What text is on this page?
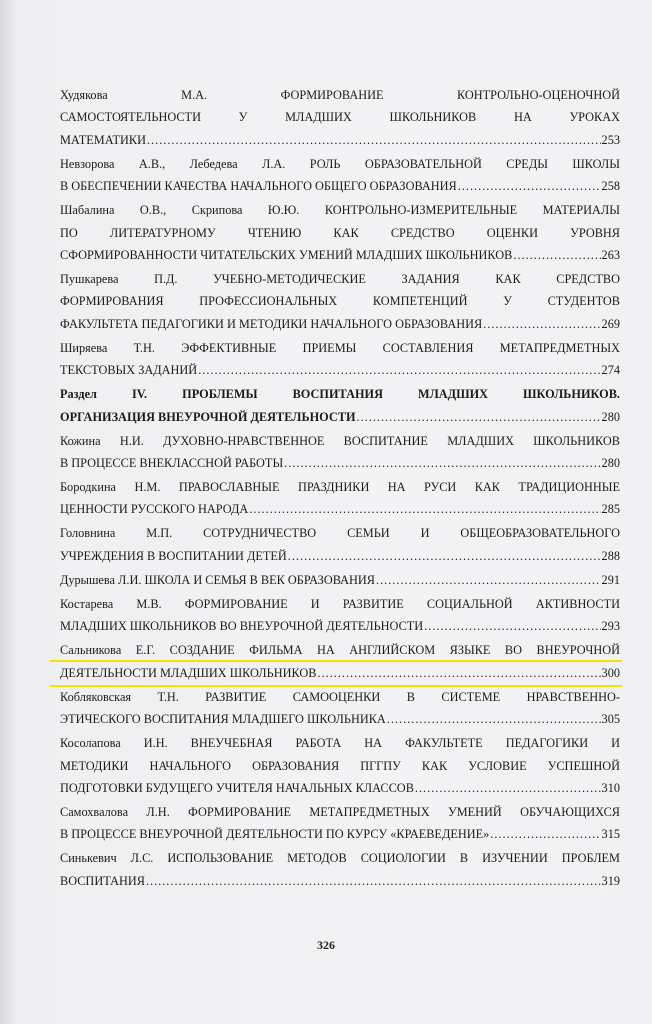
Худякова М.А. ФОРМИРОВАНИЕ КОНТРОЛЬНО-ОЦЕНОЧНОЙ
САМОСТОЯТЕЛЬНОСТИ У МЛАДШИХ ШКОЛЬНИКОВ НА УРОКАХ
МАТЕМАТИКИ .....	253
Невзорова А.В., Лебедева Л.А. РОЛЬ ОБРАЗОВАТЕЛЬНОЙ СРЕДЫ ШКОЛЫ
В ОБЕСПЕЧЕНИИ КАЧЕСТВА НАЧАЛЬНОГО ОБЩЕГО ОБРАЗОВАНИЯ .....	258
Шабалина О.В., Скрипова Ю.Ю. КОНТРОЛЬНО-ИЗМЕРИТЕЛЬНЫЕ МАТЕРИАЛЫ
ПО ЛИТЕРАТУРНОМУ ЧТЕНИЮ КАК СРЕДСТВО ОЦЕНКИ УРОВНЯ
СФОРМИРОВАННОСТИ ЧИТАТЕЛЬСКИХ УМЕНИЙ МЛАДШИХ ШКОЛЬНИКОВ .....	263
Пушкарева П.Д. УЧЕБНО-МЕТОДИЧЕСКИЕ ЗАДАНИЯ КАК СРЕДСТВО
ФОРМИРОВАНИЯ ПРОФЕССИОНАЛЬНЫХ КОМПЕТЕНЦИЙ У СТУДЕНТОВ
ФАКУЛЬТЕТА ПЕДАГОГИКИ И МЕТОДИКИ НАЧАЛЬНОГО ОБРАЗОВАНИЯ .....	269
Ширяева Т.Н. ЭФФЕКТИВНЫЕ ПРИЕМЫ СОСТАВЛЕНИЯ МЕТАПРЕДМЕТНЫХ
ТЕКСТОВЫХ ЗАДАНИЙ .....	274
Раздел IV. ПРОБЛЕМЫ ВОСПИТАНИЯ МЛАДШИХ ШКОЛЬНИКОВ.
ОРГАНИЗАЦИЯ ВНЕУРОЧНОЙ ДЕЯТЕЛЬНОСТИ .....	280
Кожина Н.И. ДУХОВНО-НРАВСТВЕННОЕ ВОСПИТАНИЕ МЛАДШИХ ШКОЛЬНИКОВ
В ПРОЦЕССЕ ВНЕКЛАССНОЙ РАБОТЫ .....	280
Бородкина Н.М. ПРАВОСЛАВНЫЕ ПРАЗДНИКИ НА РУСИ КАК ТРАДИЦИОННЫЕ
ЦЕННОСТИ РУССКОГО НАРОДА .....	285
Головнина М.П. СОТРУДНИЧЕСТВО СЕМЬИ И ОБЩЕОБРАЗОВАТЕЛЬНОГО
УЧРЕЖДЕНИЯ В ВОСПИТАНИИ ДЕТЕЙ .....	288
Дурышева Л.И. ШКОЛА И СЕМЬЯ В ВЕК ОБРАЗОВАНИЯ .....	291
Костарева М.В. ФОРМИРОВАНИЕ И РАЗВИТИЕ СОЦИАЛЬНОЙ АКТИВНОСТИ
МЛАДШИХ ШКОЛЬНИКОВ ВО ВНЕУРОЧНОЙ ДЕЯТЕЛЬНОСТИ .....	293
Сальникова Е.Г. СОЗДАНИЕ ФИЛЬМА НА АНГЛИЙСКОМ ЯЗЫКЕ ВО ВНЕУРОЧНОЙ
ДЕЯТЕЛЬНОСТИ МЛАДШИХ ШКОЛЬНИКОВ .....	300
Кобляковская Т.Н. РАЗВИТИЕ САМООЦЕНКИ В СИСТЕМЕ НРАВСТВЕННО-
ЭТИЧЕСКОГО ВОСПИТАНИЯ МЛАДШЕГО ШКОЛЬНИКА .....	305
Косолапова И.Н. ВНЕУЧЕБНАЯ РАБОТА НА ФАКУЛЬТЕТЕ ПЕДАГОГИКИ И
МЕТОДИКИ НАЧАЛЬНОГО ОБРАЗОВАНИЯ ПГГПУ КАК УСЛОВИЕ УСПЕШНОЙ
ПОДГОТОВКИ БУДУЩЕГО УЧИТЕЛЯ НАЧАЛЬНЫХ КЛАССОВ .....	310
Самохвалова Л.Н. ФОРМИРОВАНИЕ МЕТАПРЕДМЕТНЫХ УМЕНИЙ ОБУЧАЮЩИХСЯ
В ПРОЦЕССЕ ВНЕУРОЧНОЙ ДЕЯТЕЛЬНОСТИ ПО КУРСУ «КРАЕВЕДЕНИЕ» .....	315
Синькевич Л.С. ИСПОЛЬЗОВАНИЕ МЕТОДОВ СОЦИОЛОГИИ В ИЗУЧЕНИИ ПРОБЛЕМ
ВОСПИТАНИЯ .....	319
326
